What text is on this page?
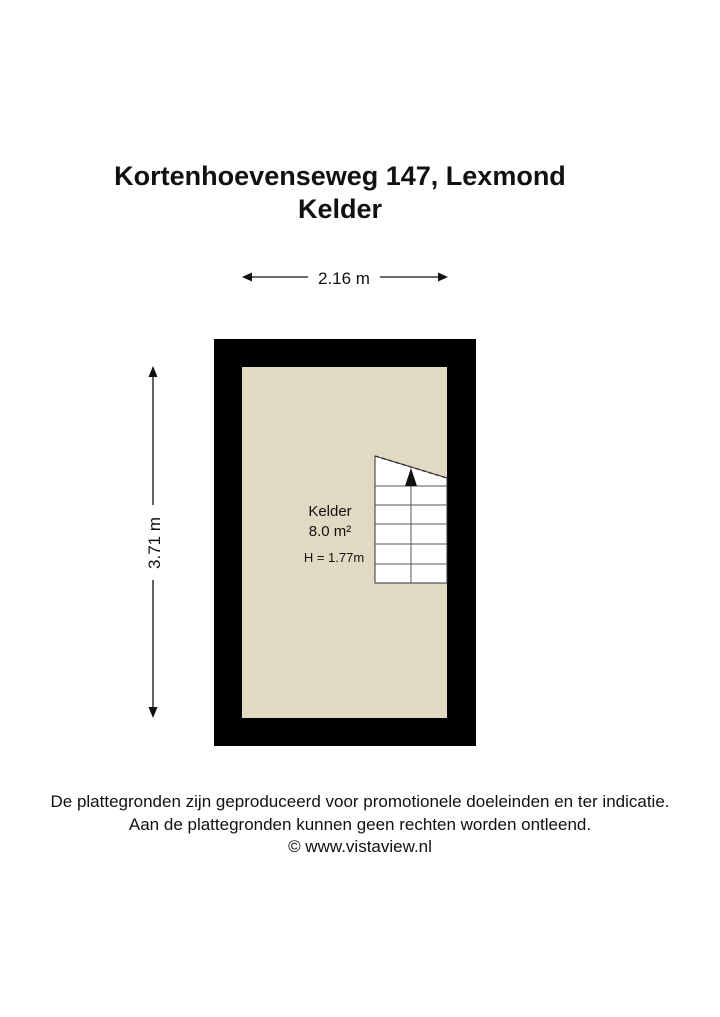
Kortenhoevenseweg 147, Lexmond
Kelder
2.16 m
3.71 m
Kelder
8.0 m²
H = 1.77m
De plattegronden zijn geproduceerd voor promotionele doeleinden en ter indicatie.
Aan de plattegronden kunnen geen rechten worden ontleend.
© www.vistaview.nl
